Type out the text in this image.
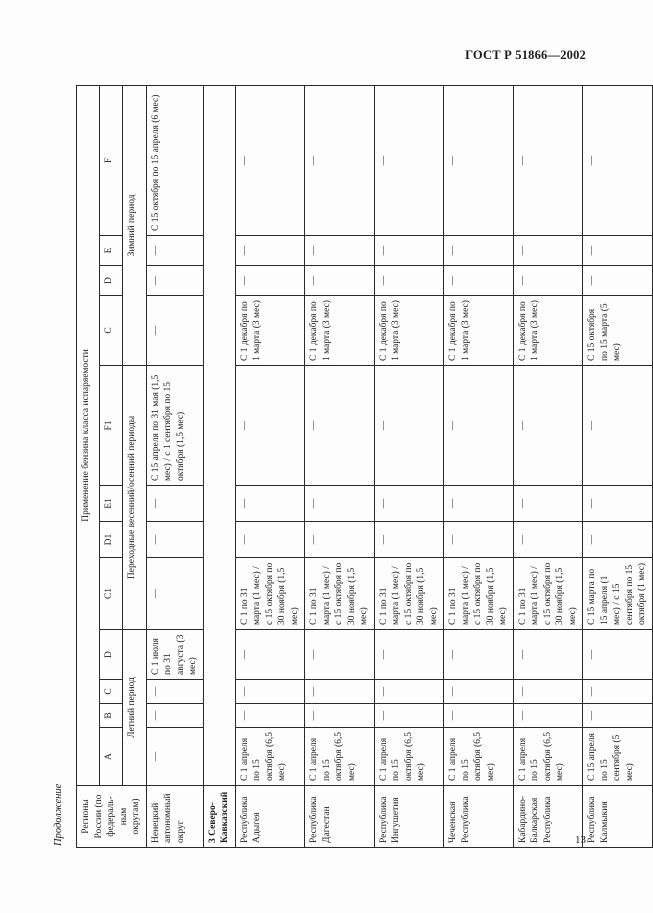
ГОСТ Р 51866—2002
Продолжение	Регионы России (по федераль-ным округам)	Применение бензина класса испаряемости											
	A	B	C	D	C1	D1	E1	F1	C	D	E	F
	Летний период				Переходные весенний/осенний периоды				Зимний период			
Ненецкий автономный округ	—	—	—	С 1 июля по 31 августа (3 мес)	—	—	—	С 15 апреля по 31 мая (1,5 мес) / с 1 сентября по 15 октября (1,5 мес)	—	—	—	С 15 октября по 15 апреля (6 мес)
3 Северо-Кавказский												
Республика Адыгея	С 1 апреля по 15 октября (6,5 мес)	—	—	—	С 1 по 31 марта (1 мес) / с 15 октября по 30 ноября (1,5 мес)	—	—	—	С 1 декабря по 1 марта (3 мес)	—	—	—
Республика Дагестан	С 1 апреля по 15 октября (6,5 мес)	—	—	—	С 1 по 31 марта (1 мес) / с 15 октября по 30 ноября (1,5 мес)	—	—	—	С 1 декабря по 1 марта (3 мес)	—	—	—
Республика Ингушетия	С 1 апреля по 15 октября (6,5 мес)	—	—	—	С 1 по 31 марта (1 мес) / с 15 октября по 30 ноября (1,5 мес)	—	—	—	С 1 декабря по 1 марта (3 мес)	—	—	—
Чеченская Республика	С 1 апреля по 15 октября (6,5 мес)	—	—	—	С 1 по 31 марта (1 мес) / с 15 октября по 30 ноября (1,5 мес)	—	—	—	С 1 декабря по 1 марта (3 мес)	—	—	—
Кабардино-Балкарская Республика	С 1 апреля по 15 октября (6,5 мес)	—	—	—	С 1 по 31 марта (1 мес) / с 15 октября по 30 ноября (1,5 мес)	—	—	—	С 1 декабря по 1 марта (3 мес)	—	—	—
Республика Калмыкия	С 15 апреля по 15 сентября (5 мес)	—	—	—	С 15 марта по 15 апреля (1 мес) / с 15 сентября по 15 октября (1 мес)	—	—	—	С 15 октября по 15 марта (5 мес)	—	—	—
13
